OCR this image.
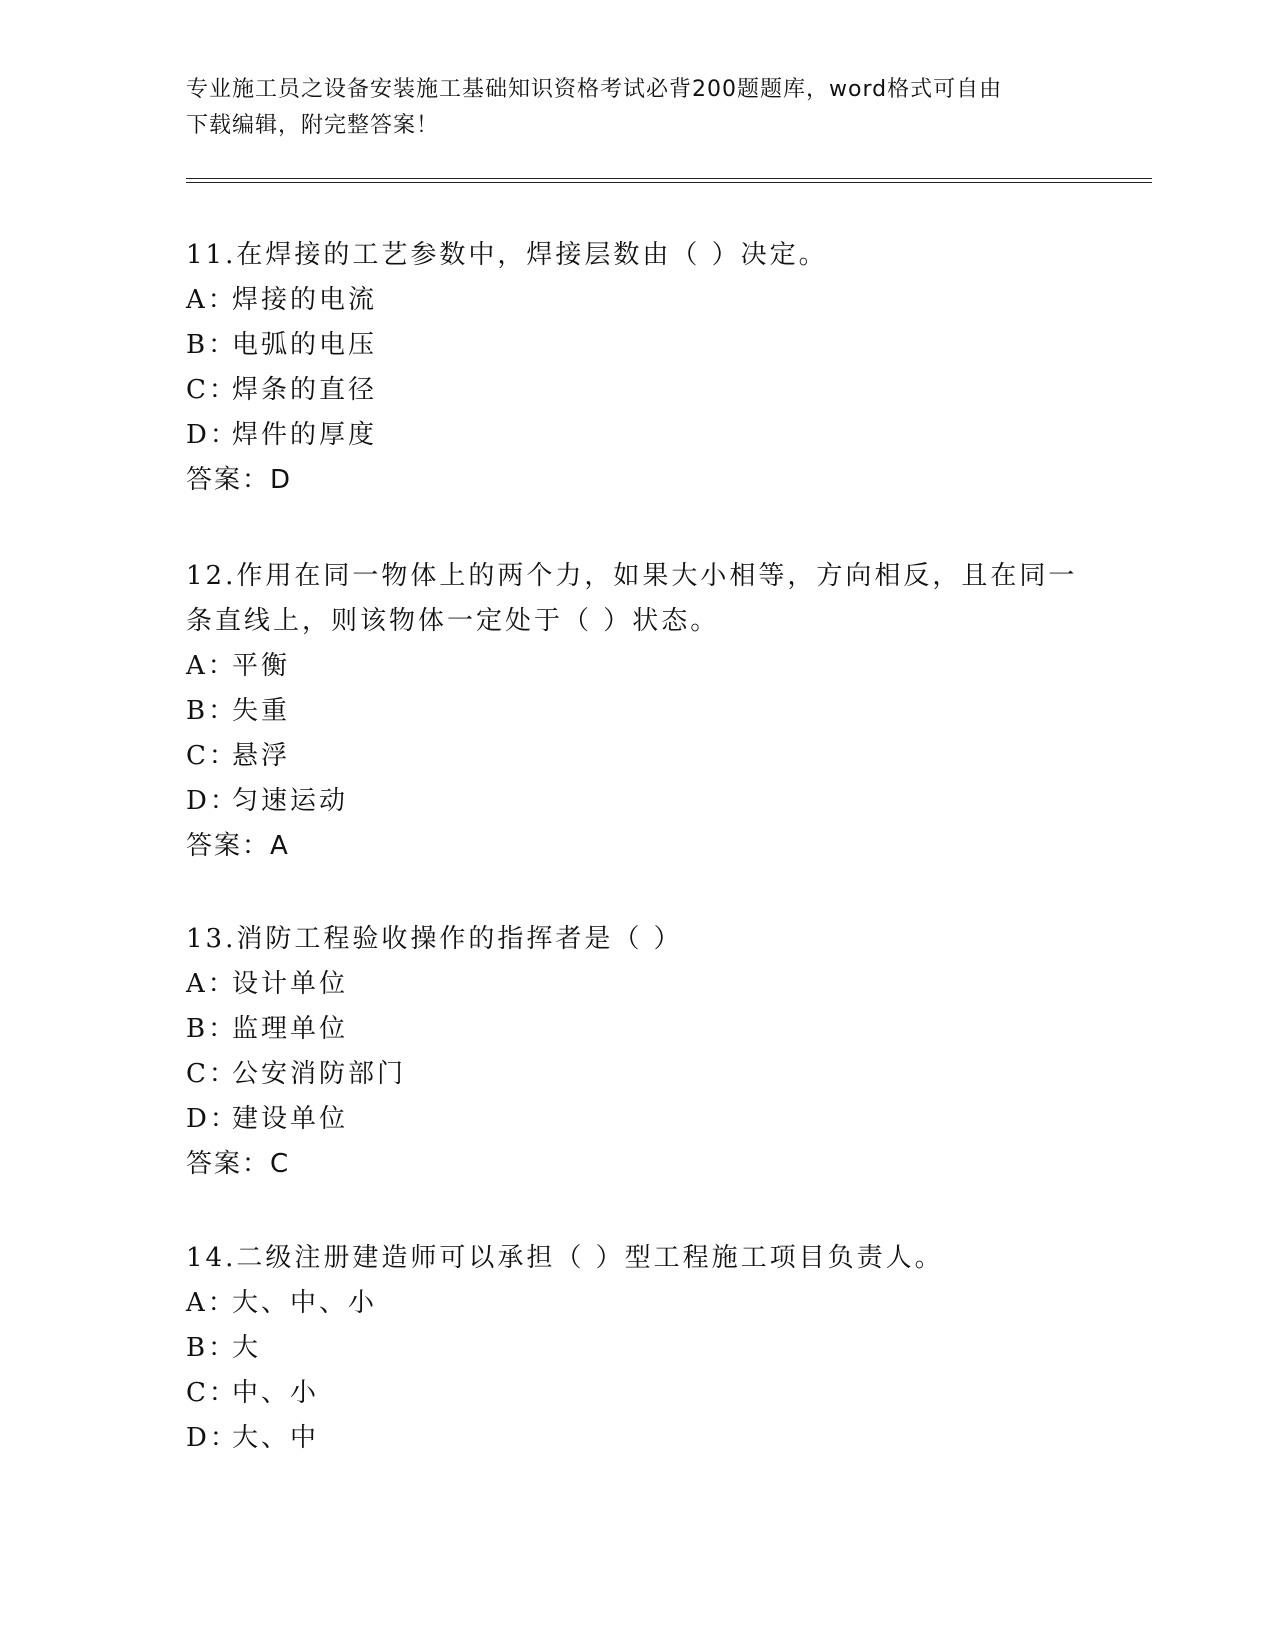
专业施工员之设备安装施工基础知识资格考试必背200题题库，word格式可自由
下载编辑，附完整答案！

11.在焊接的工艺参数中，焊接层数由（ ）决定。

A：焊接的电流

B：电弧的电压

C：焊条的直径

D：焊件的厚度

答案：D

12.作用在同一物体上的两个力，如果大小相等，方向相反，且在同一

条直线上，则该物体一定处于（ ）状态。

A：平衡

B：失重

C：悬浮

D：匀速运动

答案：A

13.消防工程验收操作的指挥者是（ ）

A：设计单位

B：监理单位

C：公安消防部门

D：建设单位

答案：C

14.二级注册建造师可以承担（ ）型工程施工项目负责人。

A：大、中、小

B：大

C：中、小

D：大、中
